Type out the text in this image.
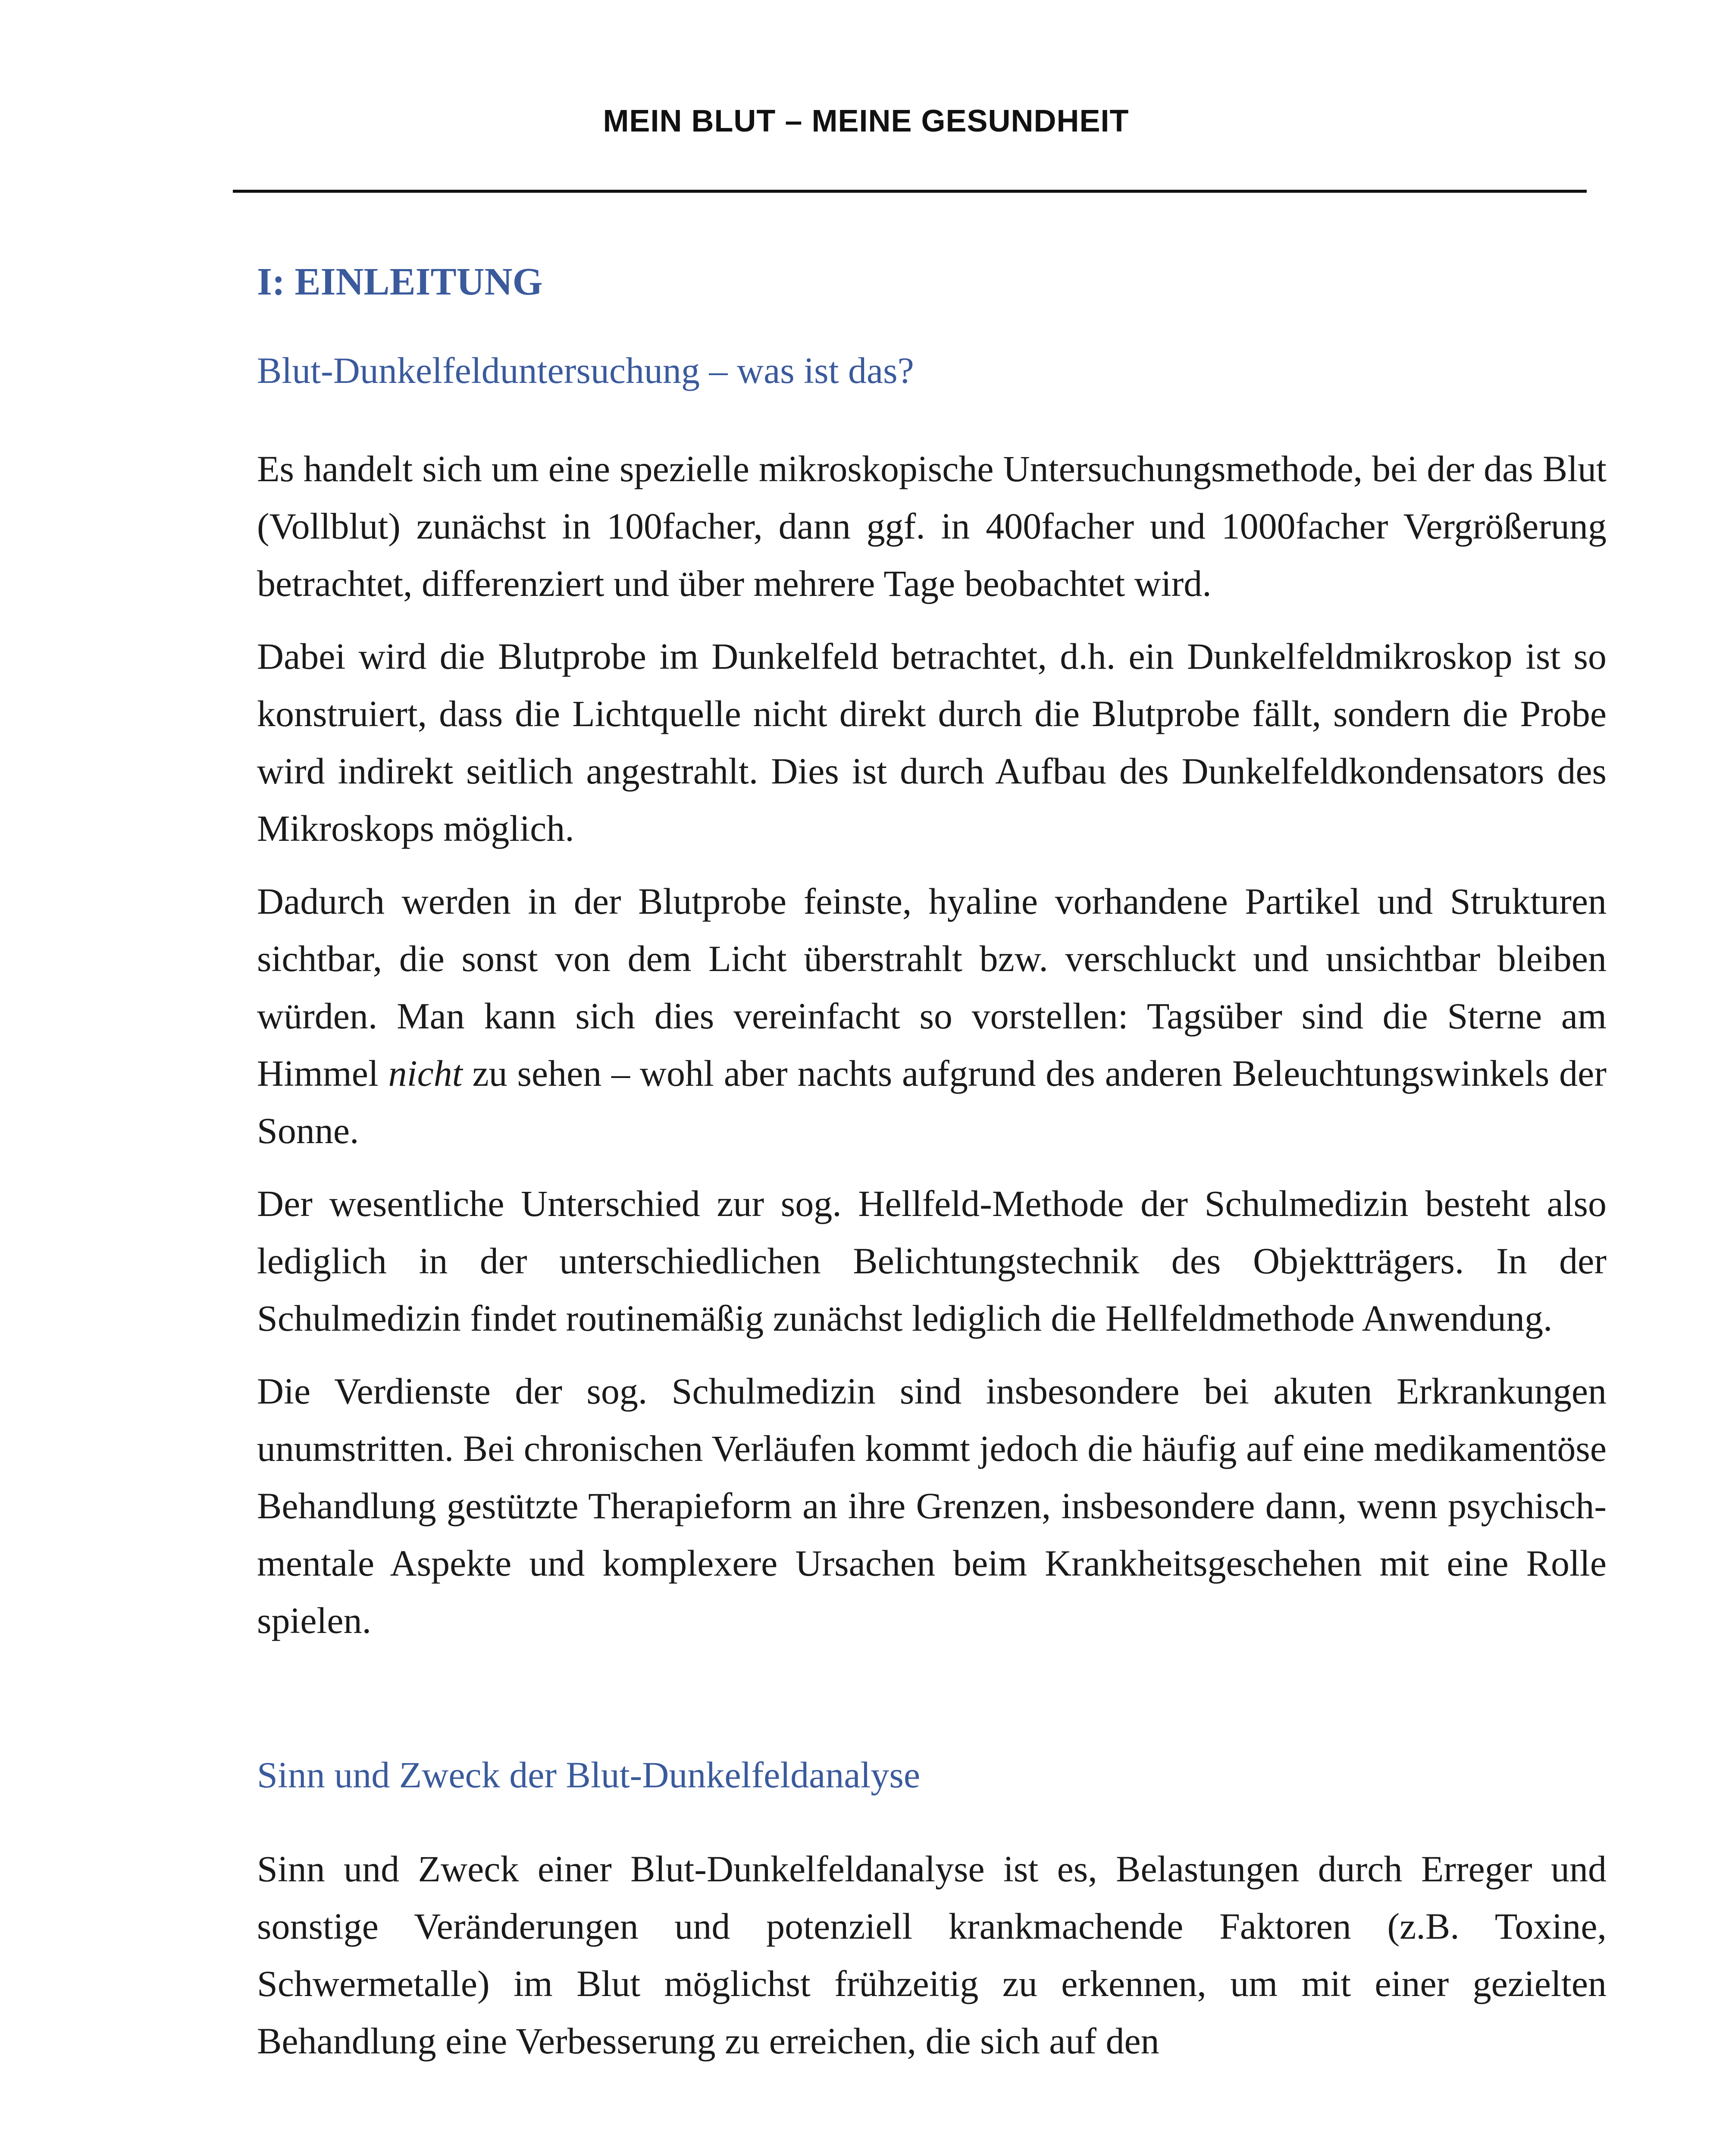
MEIN BLUT – MEINE GESUNDHEIT
I: EINLEITUNG
Blut-Dunkelfelduntersuchung – was ist das?

Es handelt sich um eine spezielle mikroskopische Untersuchungsmethode, bei der das Blut (Vollblut) zunächst in 100facher, dann ggf. in 400facher und 1000facher Vergrößerung betrachtet, differenziert und über mehrere Tage beobachtet wird.

Dabei wird die Blutprobe im Dunkelfeld betrachtet, d.h. ein Dunkelfeldmikroskop ist so konstruiert, dass die Lichtquelle nicht direkt durch die Blutprobe fällt, sondern die Probe wird indirekt seitlich angestrahlt. Dies ist durch Aufbau des Dunkelfeldkondensators des Mikroskops möglich.

Dadurch werden in der Blutprobe feinste, hyaline vorhandene Partikel und Strukturen sichtbar, die sonst von dem Licht überstrahlt bzw. verschluckt und unsichtbar bleiben würden. Man kann sich dies vereinfacht so vorstellen: Tagsüber sind die Sterne am Himmel nicht zu sehen – wohl aber nachts aufgrund des anderen Beleuchtungswinkels der Sonne.

Der wesentliche Unterschied zur sog. Hellfeld-Methode der Schulmedizin besteht also lediglich in der unterschiedlichen Belichtungstechnik des Objektträgers. In der Schulmedizin findet routinemäßig zunächst lediglich die Hellfeldmethode Anwendung.

Die Verdienste der sog. Schulmedizin sind insbesondere bei akuten Erkrankungen unumstritten. Bei chronischen Verläufen kommt jedoch die häufig auf eine medikamentöse Behandlung gestützte Therapieform an ihre Grenzen, insbesondere dann, wenn psychisch-mentale Aspekte und komplexere Ursachen beim Krankheitsgeschehen mit eine Rolle spielen.

Sinn und Zweck der Blut-Dunkelfeldanalyse

Sinn und Zweck einer Blut-Dunkelfeldanalyse ist es, Belastungen durch Erreger und sonstige Veränderungen und potenziell krankmachende Faktoren (z.B. Toxine, Schwermetalle) im Blut möglichst frühzeitig zu erkennen, um mit einer gezielten Behandlung eine Verbesserung zu erreichen, die sich auf den
